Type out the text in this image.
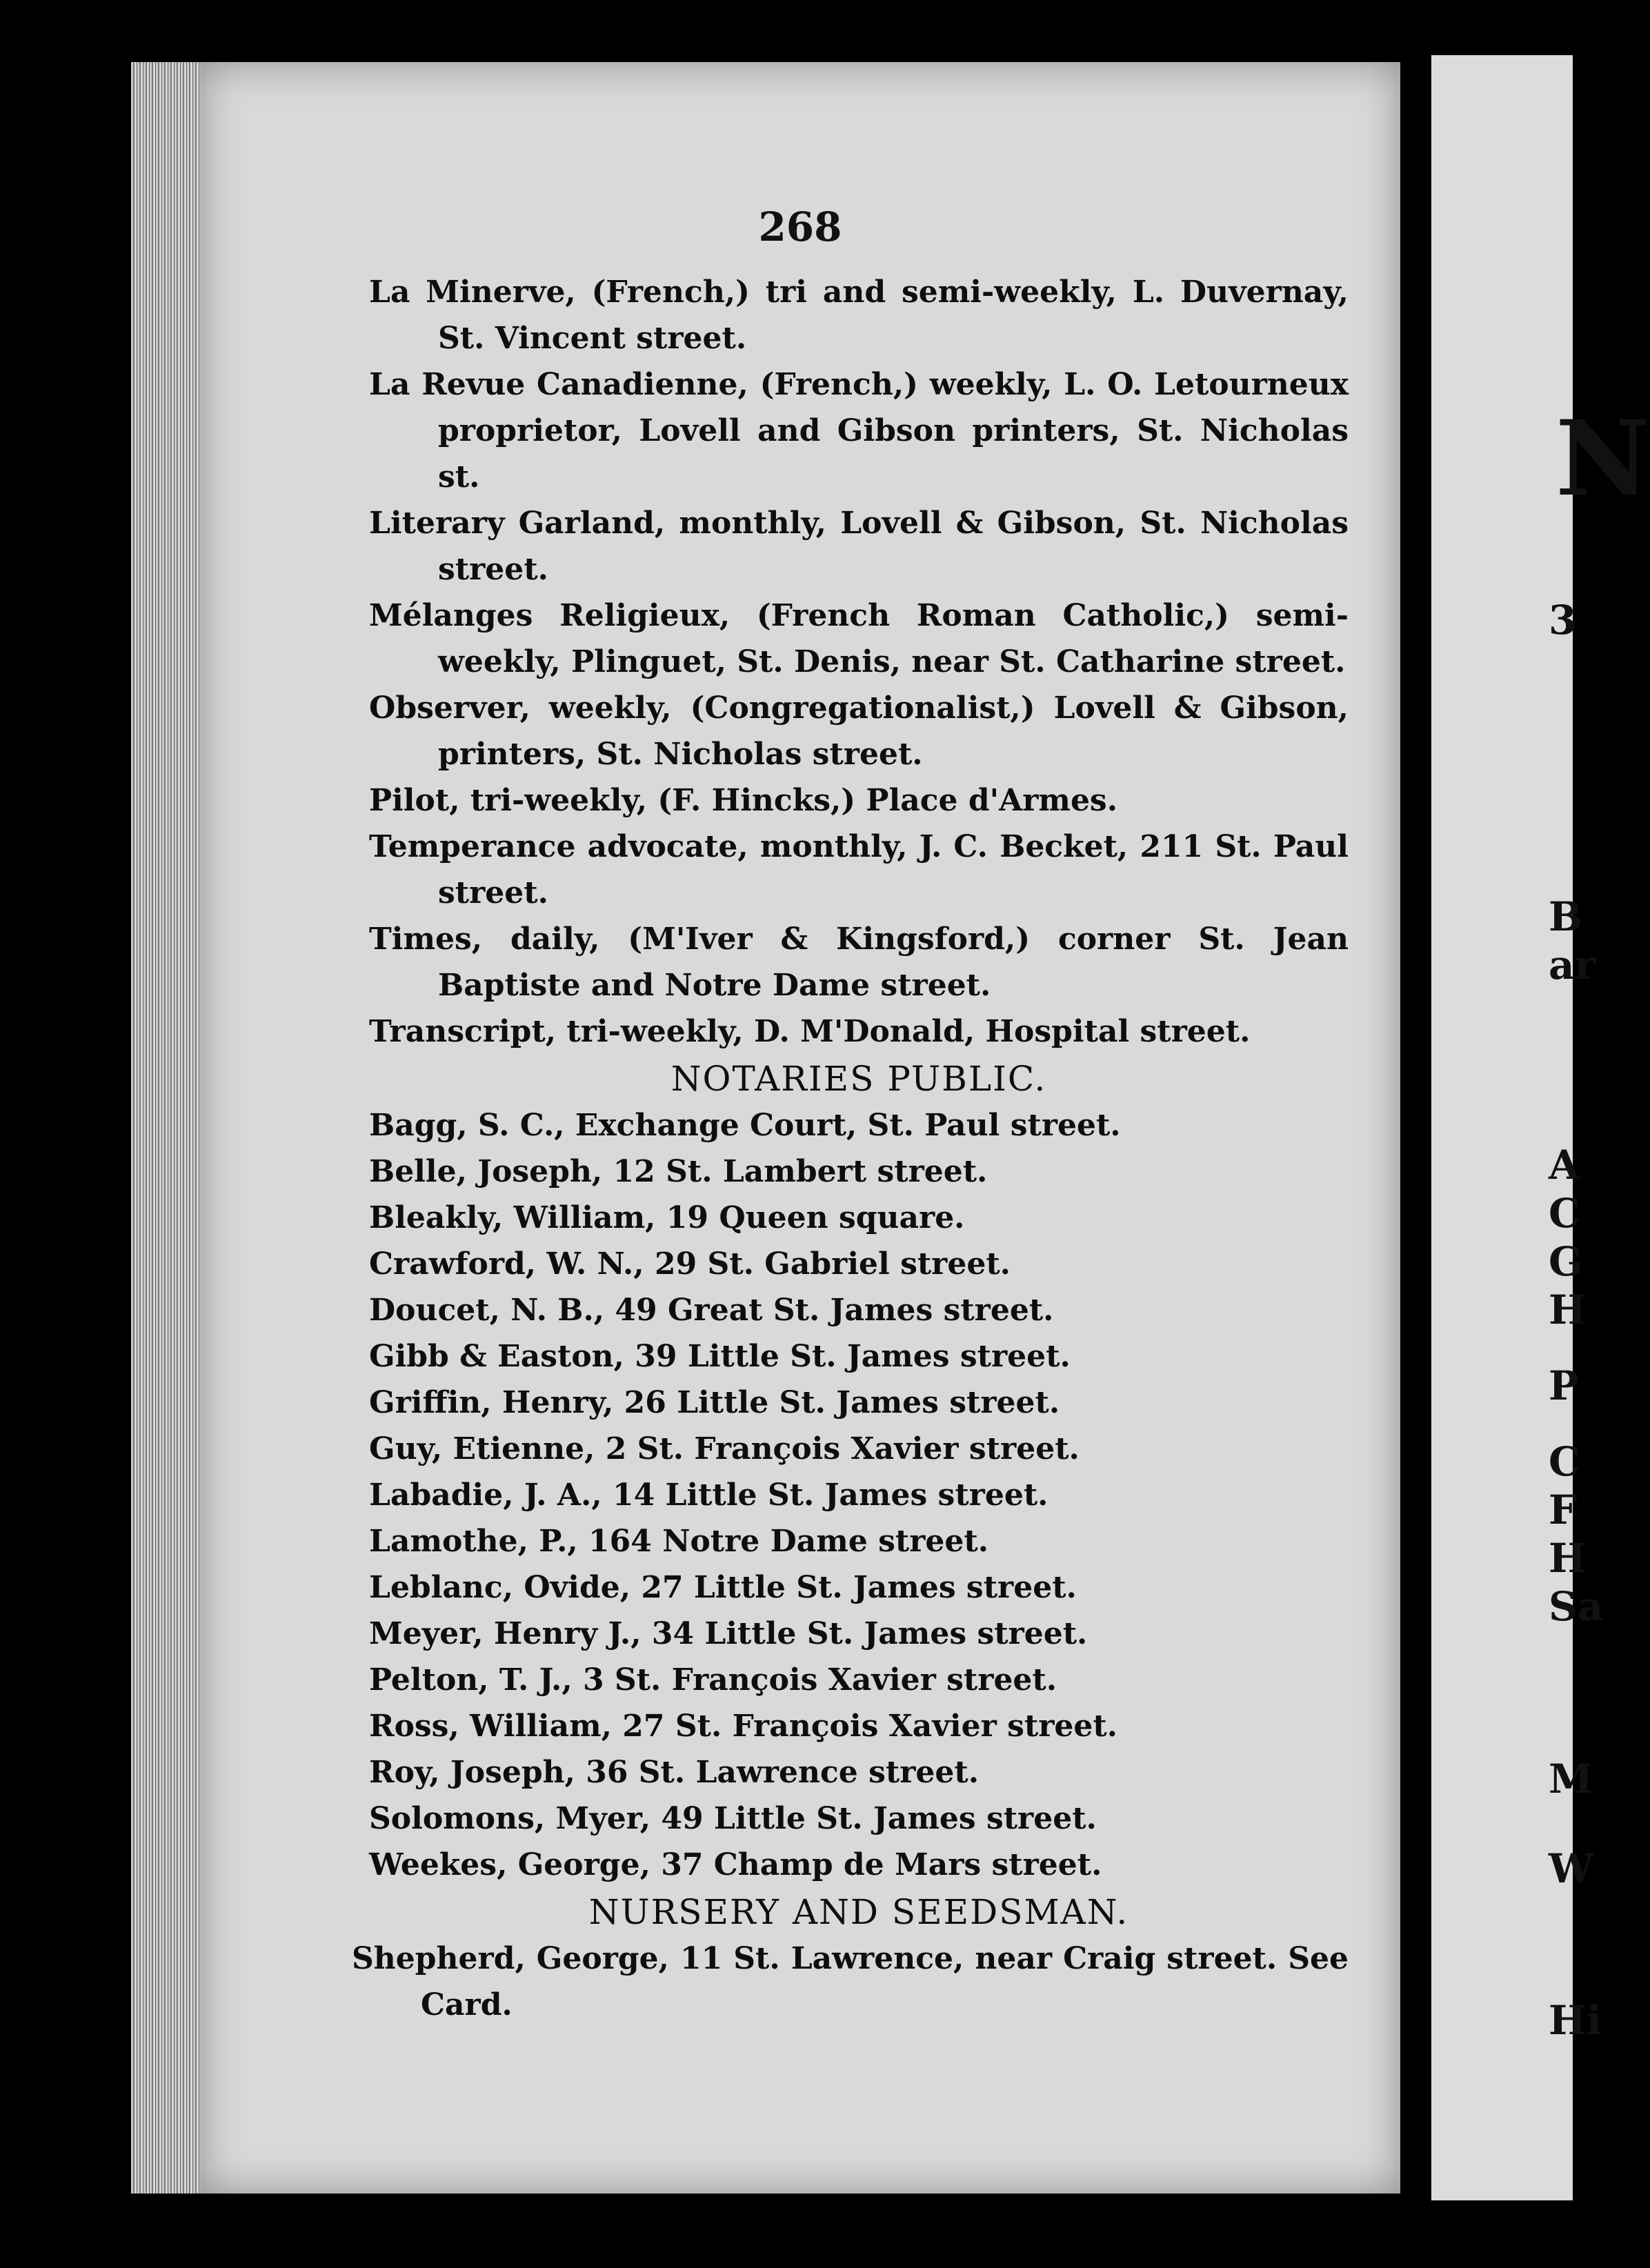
268
La Minerve, (French,) tri and semi-weekly, L. Duvernay, St. Vincent street.
La Revue Canadienne, (French,) weekly, L. O. Letourneux proprietor, Lovell and Gibson printers, St. Nicholas st.
Literary Garland, monthly, Lovell & Gibson, St. Nicholas street.
Mélanges Religieux, (French Roman Catholic,) semi-weekly, Plinguet, St. Denis, near St. Catharine street.
Observer, weekly, (Congregationalist,) Lovell & Gibson, printers, St. Nicholas street.
Pilot, tri-weekly, (F. Hincks,) Place d'Armes.
Temperance advocate, monthly, J. C. Becket, 211 St. Paul street.
Times, daily, (M'Iver & Kingsford,) corner St. Jean Baptiste and Notre Dame street.
Transcript, tri-weekly, D. M'Donald, Hospital street.
NOTARIES PUBLIC.
Bagg, S. C., Exchange Court, St. Paul street.
Belle, Joseph, 12 St. Lambert street.
Bleakly, William, 19 Queen square.
Crawford, W. N., 29 St. Gabriel street.
Doucet, N. B., 49 Great St. James street.
Gibb & Easton, 39 Little St. James street.
Griffin, Henry, 26 Little St. James street.
Guy, Etienne, 2 St. François Xavier street.
Labadie, J. A., 14 Little St. James street.
Lamothe, P., 164 Notre Dame street.
Leblanc, Ovide, 27 Little St. James street.
Meyer, Henry J., 34 Little St. James street.
Pelton, T. J., 3 St. François Xavier street.
Ross, William, 27 St. François Xavier street.
Roy, Joseph, 36 St. Lawrence street.
Solomons, Myer, 49 Little St. James street.
Weekes, George, 37 Champ de Mars street.
NURSERY AND SEEDSMAN.
Shepherd, George, 11 St. Lawrence, near Craig street. See Card.
N
3
B
ar
A
C
G
H
P
C
F
H
Sa
M
W
Hi
